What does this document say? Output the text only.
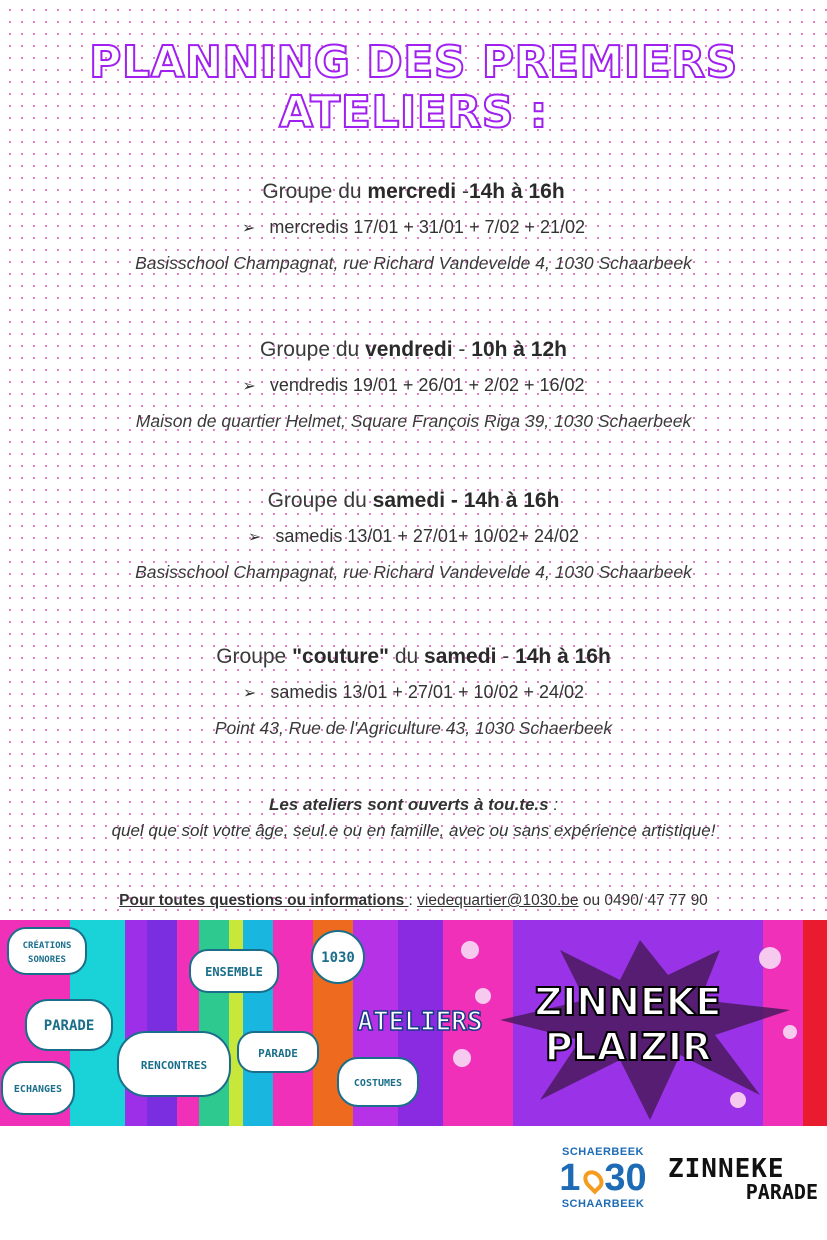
PLANNING DES PREMIERS
ATELIERS :
Groupe du mercredi -14h à 16h
➢ mercredis 17/01 + 31/01 + 7/02 + 21/02
Basisschool Champagnat, rue Richard Vandevelde 4, 1030 Schaarbeek
Groupe du vendredi - 10h à 12h
➢ vendredis 19/01 + 26/01 + 2/02 + 16/02
Maison de quartier Helmet, Square François Riga 39, 1030 Schaerbeek
Groupe du samedi - 14h à 16h
➢ samedis 13/01 + 27/01+ 10/02+ 24/02
Basisschool Champagnat, rue Richard Vandevelde 4, 1030 Schaarbeek
Groupe "couture" du samedi - 14h à 16h
➢ samedis 13/01 + 27/01 + 10/02 + 24/02
Point 43, Rue de l'Agriculture 43, 1030 Schaerbeek
Les ateliers sont ouverts à tou.te.s :
quel que soit votre âge, seul.e ou en famille, avec ou sans expérience artistique!
Pour toutes questions ou informations : viedequartier@1030.be ou 0490/ 47 77 90
CRÉATIONS
SONORES
PARADE
ENSEMBLE
1030
RENCONTRES
PARADE
COSTUMES
ECHANGES
ATELIERS ZINNEKE
PLAIZIR
SCHAERBEEK
1 30
SCHAARBEEK
ZINNEKE
PARADE
